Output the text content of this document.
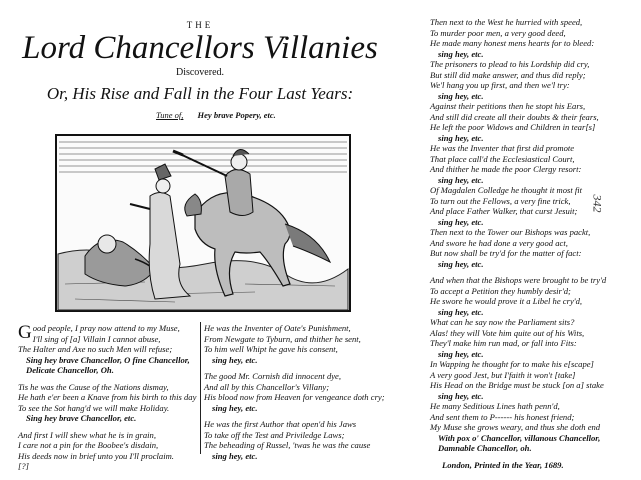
THE
Lord Chancellors Villanies
Discovered.
Or, His Rise and Fall in the Four Last Years:
Tune of, Hey brave Popery, etc.
342
Good people, I pray now attend to my Muse,
I'll sing of [a] Villain I cannot abuse,
The Halter and Axe no such Men will refuse;
Sing hey brave Chancellor, O fine Chancellor,
Delicate Chancellor, Oh.
Tis he was the Cause of the Nations dismay,
He hath e'er been a Knave from his birth to this day
To see the Sot hang'd we will make Holiday.
Sing hey brave Chancellor, etc.
And first I will shew what he is in grain,
I care not a pin for the Boobee's disdain,
His deeds now in brief unto you I'll proclaim.
[?]
He was the Inventer of Oate's Punishment,
From Newgate to Tyburn, and thither he sent,
To him well Whipt he gave his consent,
sing hey, etc.
The good Mr. Cornish did innocent dye,
And all by this Chancellor's Villany;
His blood now from Heaven for vengeance doth cry;
sing hey, etc.
He was the first Author that open'd his Jaws
To take off the Test and Priviledge Laws;
The beheading of Russel, 'twas he was the cause
sing hey, etc.
Then next to the West he hurried with speed,
To murder poor men, a very good deed,
He made many honest mens hearts for to bleed:
sing hey, etc.
The prisoners to plead to his Lordship did cry,
But still did make answer, and thus did reply;
We'l hang you up first, and then we'l try:
sing hey, etc.
Against their petitions then he stopt his Ears,
And still did create all their doubts & their fears,
He left the poor Widows and Children in tear[s]
sing hey, etc.
He was the Inventer that first did promote
That place call'd the Ecclesiastical Court,
And thither he made the poor Clergy resort:
sing hey, etc.
Of Magdalen Colledge he thought it most fit
To turn out the Fellows, a very fine trick,
And place Father Walker, that curst Jesuit;
sing hey, etc.
Then next to the Tower our Bishops was packt,
And swore he had done a very good act,
But now shall be try'd for the matter of fact:
sing hey, etc.
And when that the Bishops were brought to be try'd
To accept a Petition they humbly desir'd;
He swore he would prove it a Libel he cry'd,
sing hey, etc.
What can he say now the Parliament sits?
Alas! they will Vote him quite out of his Wits,
They'l make him run mad, or fall into Fits:
sing hey, etc.
In Wapping he thought for to make his e[scape]
A very good Jest, but I'faith it won't [take]
His Head on the Bridge must be stuck [on a] stake
sing hey, etc.
He many Seditious Lines hath penn'd,
And sent them to P------ his honest friend;
My Muse she grows weary, and thus she doth end
With pox o' Chancellor, villanous Chancellor,
Damnable Chancellor, oh.
London, Printed in the Year, 1689.
